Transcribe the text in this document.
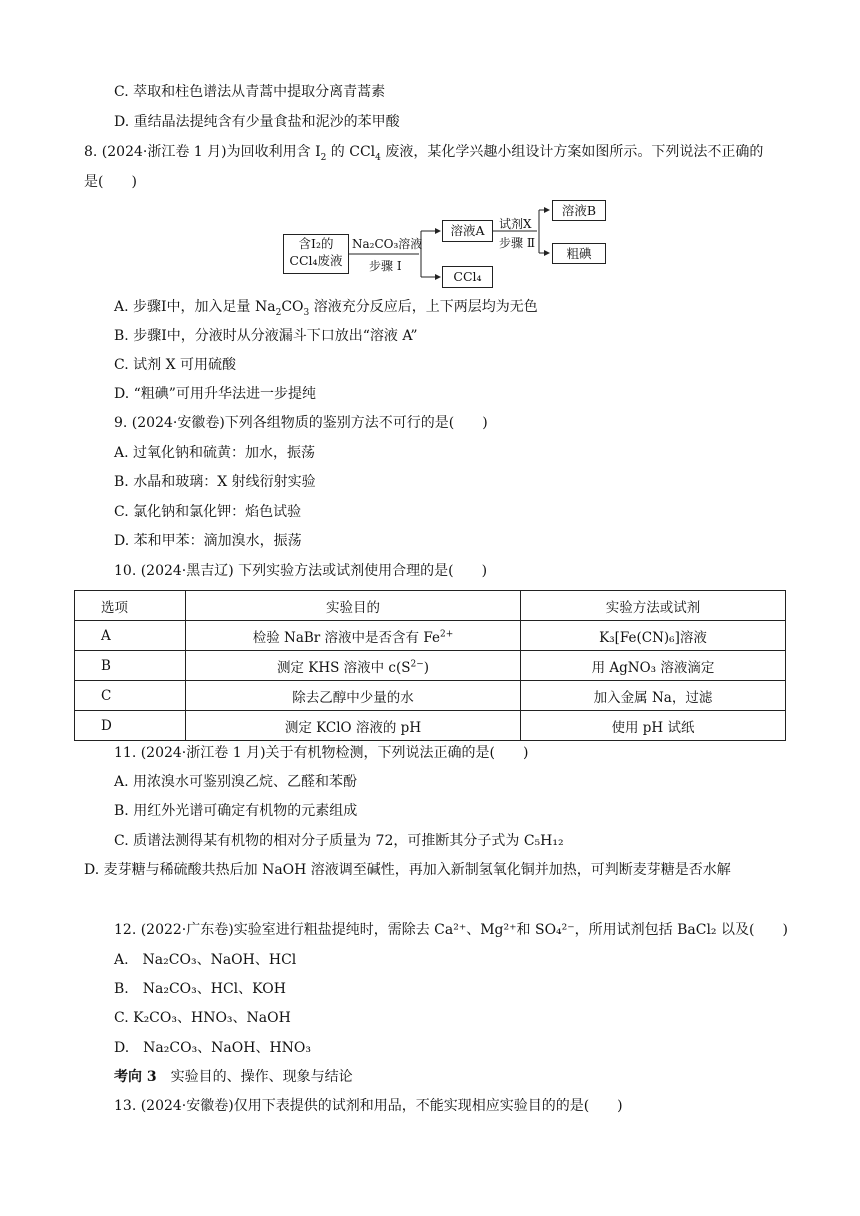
C. 萃取和柱色谱法从青蒿中提取分离青蒿素
D. 重结晶法提纯含有少量食盐和泥沙的苯甲酸
8. (2024·浙江卷 1 月)为回收利用含 $I_2$ 的 CCl$_4$ 废液，某化学兴趣小组设计方案如图所示。下列说法不正确的是(　　)
含I₂的
CCl₄废液
Na₂CO₃溶液
步骤 Ⅰ
溶液A
CCl₄
试剂X
步骤 Ⅱ
溶液B
粗碘
A. 步骤Ⅰ中，加入足量 $Na_2CO_3$ 溶液充分反应后，上下两层均为无色
B. 步骤Ⅰ中，分液时从分液漏斗下口放出“溶液 A”
C. 试剂 X 可用硫酸
D. “粗碘”可用升华法进一步提纯
9. (2024·安徽卷)下列各组物质的鉴别方法不可行的是(　　)
A. 过氧化钠和硫黄：加水，振荡
B. 水晶和玻璃：X 射线衍射实验
C. 氯化钠和氯化钾：焰色试验
D. 苯和甲苯：滴加溴水，振荡
10. (2024·黑吉辽) 下列实验方法或试剂使用合理的是(　　)
选项	实验目的	实验方法或试剂
A	检验 NaBr 溶液中是否含有 $Fe^{2+}$	K₃[Fe(CN)₆]溶液
B	测定 KHS 溶液中 $c(S^{2-})$	用 AgNO₃ 溶液滴定
C	除去乙醇中少量的水	加入金属 Na，过滤
D	测定 KClO 溶液的 pH	使用 pH 试纸
11. (2024·浙江卷 1 月)关于有机物检测，下列说法正确的是(　　)
A. 用浓溴水可鉴别溴乙烷、乙醛和苯酚
B. 用红外光谱可确定有机物的元素组成
C. 质谱法测得某有机物的相对分子质量为 72，可推断其分子式为 C₅H₁₂
D. 麦芽糖与稀硫酸共热后加 NaOH 溶液调至碱性，再加入新制氢氧化铜并加热，可判断麦芽糖是否水解
12. (2022·广东卷)实验室进行粗盐提纯时，需除去 Ca²⁺、Mg²⁺和 SO₄²⁻，所用试剂包括 BaCl₂ 以及(　　)
A.　Na₂CO₃、NaOH、HCl
B.　Na₂CO₃、HCl、KOH
C. K₂CO₃、HNO₃、NaOH
D.　Na₂CO₃、NaOH、HNO₃
考向 3　实验目的、操作、现象与结论
13. (2024·安徽卷)仅用下表提供的试剂和用品，不能实现相应实验目的的是(　　)
